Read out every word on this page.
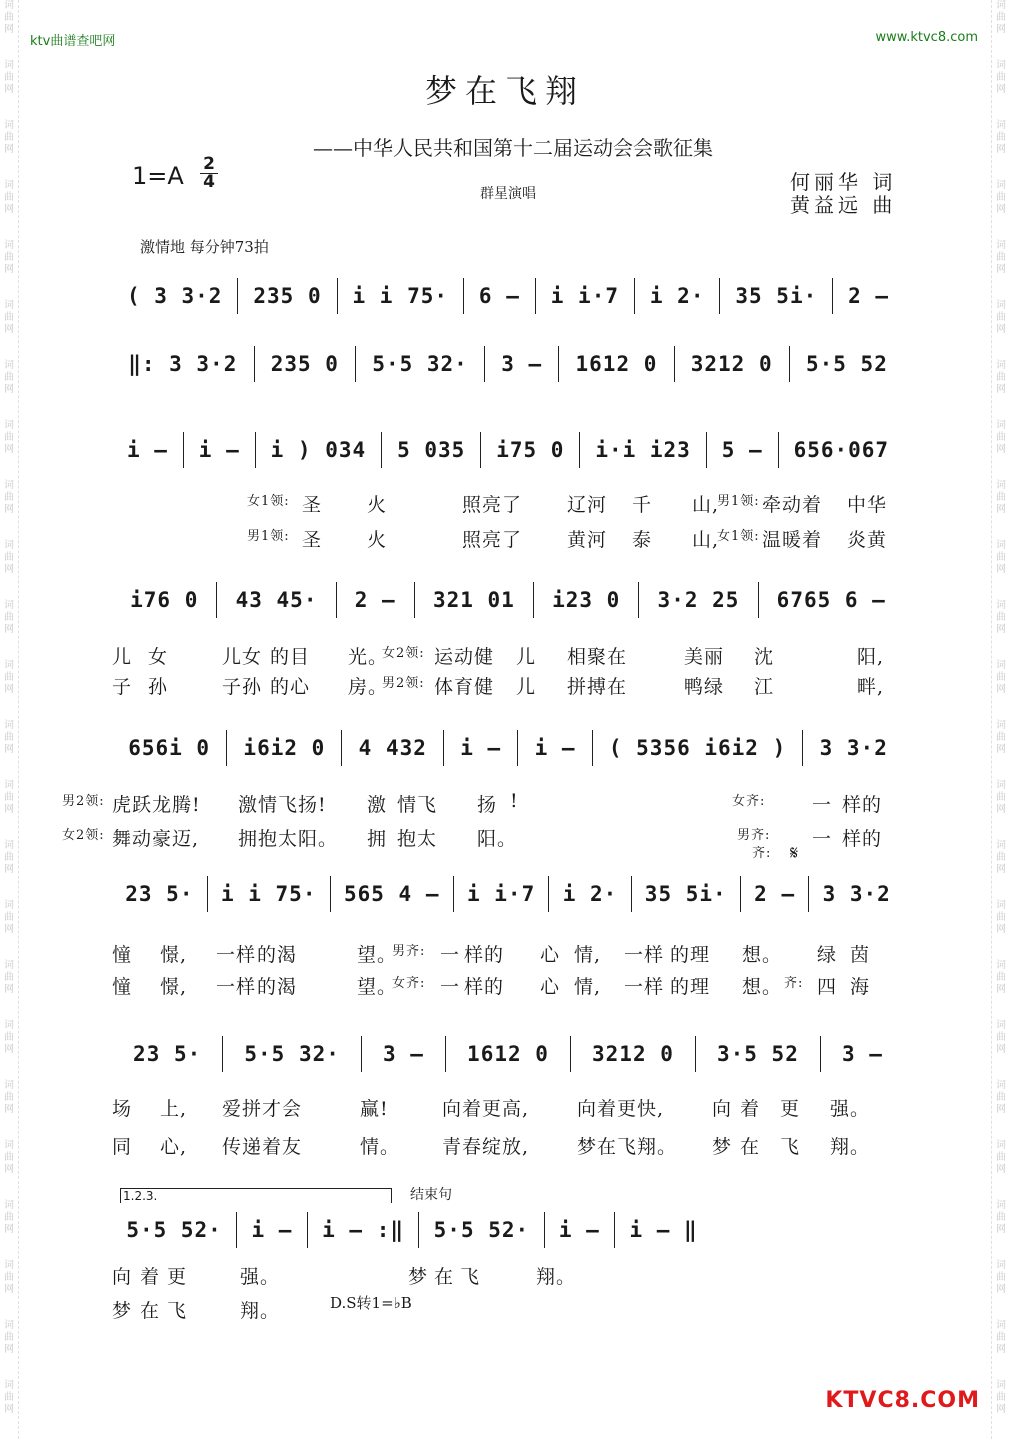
词
曲
网
词
曲
网
词
曲
网
词
曲
网
词
曲
网
词
曲
网
词
曲
网
词
曲
网
词
曲
网
词
曲
网
词
曲
网
词
曲
网
词
曲
网
词
曲
网
词
曲
网
词
曲
网
词
曲
网
词
曲
网
词
曲
网
词
曲
网
词
曲
网
词
曲
网
词
曲
网
词
曲
网
词
曲
网
词
曲
网
词
曲
网
词
曲
网
词
曲
网
词
曲
网
词
曲
网
词
曲
网
词
曲
网
词
曲
网
词
曲
网
词
曲
网
词
曲
网
词
曲
网
词
曲
网
词
曲
网
词
曲
网
词
曲
网
词
曲
网
词
曲
网
词
曲
网
词
曲
网
词
曲
网
词
曲
网
ktv曲谱查吧网	www.ktvc8.com
梦在飞翔
——中华人民共和国第十二届运动会会歌征集
1=A 2
4
群星演唱	何丽华 词
黄益远 曲
激情地 每分钟73拍
( 3 3·2	235 0	i i 75·	6 –	i i·7	i 2·	35 5i·	2 –
‖: 3 3·2	235 0	5·5 32·	3 –	1612 0	3212 0	5·5 52
i –	i –	i ) 034	5 035	i75 0	i·i i23	5 –	656·067
女1领: 圣 火	照亮了 辽河 千 山,
男1领: 牵动着 中华
男1领: 圣 火	照亮了 黄河 泰 山,
女1领: 温暖着 炎黄
i76 0	43 45·	2 –	321 01	i23 0	3·2 25	6765 6 –
儿 女	儿女 的目 光。
女2领: 运动健 儿 相聚在	美丽 沈	阳,
子 孙	子孙 的心 房。
男2领: 体育健 儿 拼搏在	鸭绿 江	畔,
656i 0	i6i2 0	4 432	i –	i –	( 5356 i6i2 )	3 3·2
男2领: 虎跃龙腾! 激情飞扬! 激 情飞 扬 !	女齐: 一 样的
女2领: 舞动豪迈, 拥抱太阳。 拥 抱太 阳。	男齐: 一 样的
齐: 𝄋
23 5·	i i 75·	565 4 –	i i·7	i 2·	35 5i·	2 –	3 3·2
憧 憬, 一样 的渴	望。
男齐: 一 样的 心 情, 一样 的理 想。 绿 茵
憧 憬, 一样 的渴	望。
女齐: 一 样的 心 情, 一样 的理 想。 齐: 四 海
23 5·	5·5 32·	3 –	1612 0	3212 0	3·5 52	3 –
场 上, 爱拼 才会	赢!	向着更高,	向着更快,	向 着 更 强。
同 心, 传递 着友	情。 青春绽放,	梦在飞翔。 梦 在 飞 翔。
1.2.3.	结束句
5·5 52·	i –	i – :‖	5·5 52·	i –	i – ‖
向 着 更	强。	梦 在 飞	翔。
梦 在 飞	翔。	D.S转1=♭B
KTVC8.COM
